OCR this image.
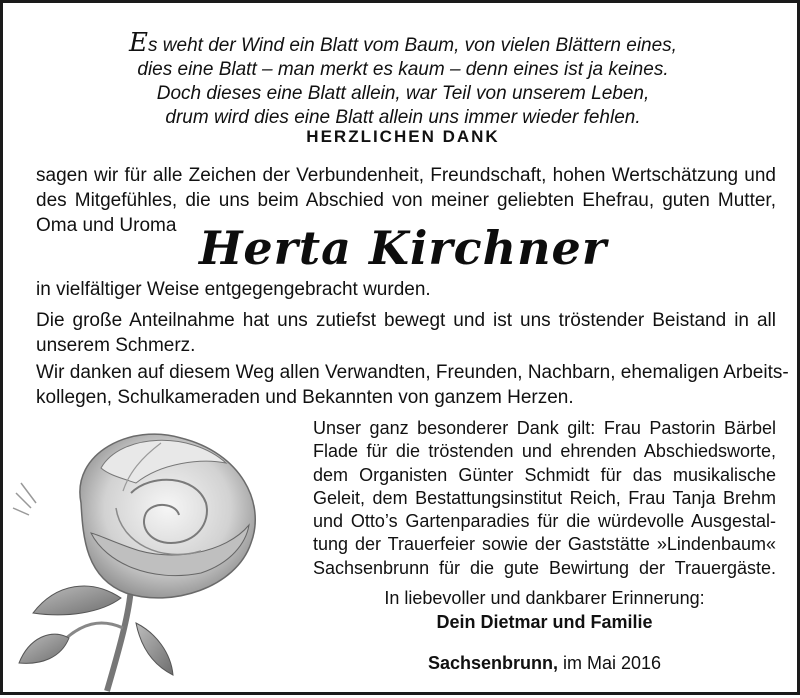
Es weht der Wind ein Blatt vom Baum, von vielen Blättern eines,
dies eine Blatt – man merkt es kaum – denn eines ist ja keines.
Doch dieses eine Blatt allein, war Teil von unserem Leben,
drum wird dies eine Blatt allein uns immer wieder fehlen.
HERZLICHEN DANK
sagen wir für alle Zeichen der Verbundenheit, Freundschaft, hohen Wertschätzung und
des Mitgefühles, die uns beim Abschied von meiner geliebten Ehefrau, guten Mutter,
Oma und Uroma Herta Kirchner
in vielfältiger Weise entgegengebracht wurden.
Die große Anteilnahme hat uns zutiefst bewegt und ist uns tröstender Beistand in all
unserem Schmerz.
Wir danken auf diesem Weg allen Verwandten, Freunden, Nachbarn, ehemaligen Arbeits-
kollegen, Schulkameraden und Bekannten von ganzem Herzen.
Unser ganz besonderer Dank gilt: Frau Pastorin Bärbel
Flade für die tröstenden und ehrenden Abschiedsworte,
dem Organisten Günter Schmidt für das musikalische
Geleit, dem Bestattungsinstitut Reich, Frau Tanja Brehm
und Otto’s Gartenparadies für die würdevolle Ausgestal-
tung der Trauerfeier sowie der Gaststätte »Lindenbaum«
Sachsenbrunn für die gute Bewirtung der Trauergäste.
In liebevoller und dankbarer Erinnerung:
Dein Dietmar und Familie
Sachsenbrunn, im Mai 2016
